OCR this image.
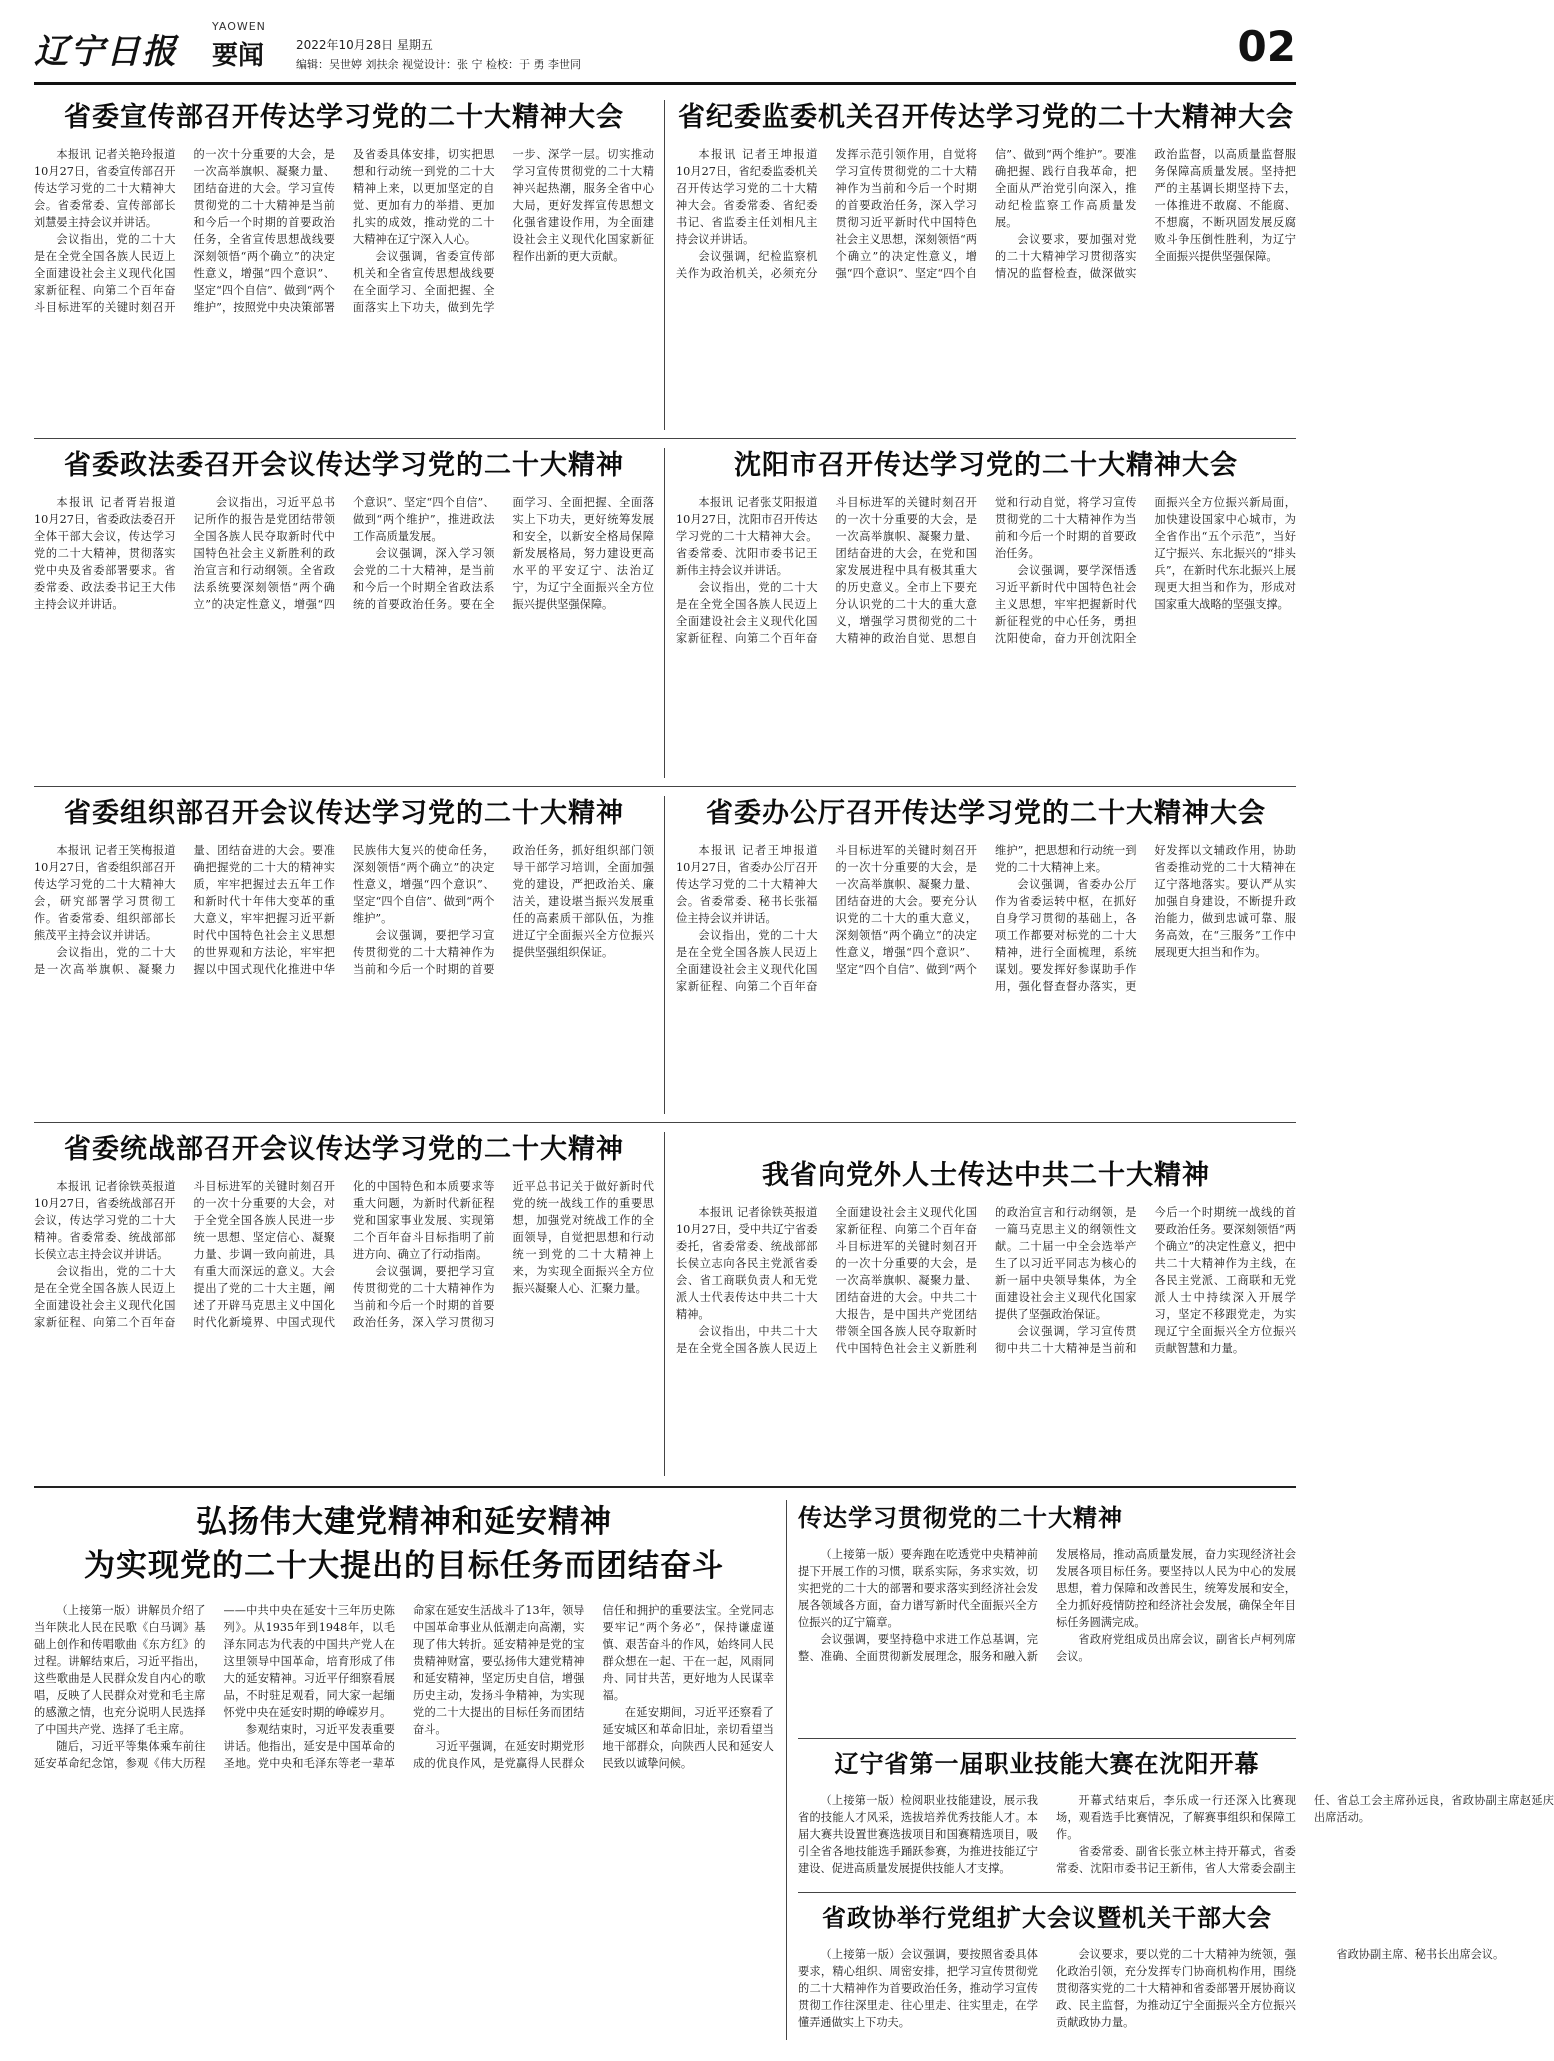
辽宁日报
YAOWEN
要闻	2022年10月28日 星期五
编辑：吴世婷 刘扶余 视觉设计：张 宁 检校：于 勇 李世同	02
省委宣传部召开传达学习党的二十大精神大会

本报讯 记者关艳玲报道 10月27日，省委宣传部召开传达学习党的二十大精神大会。省委常委、宣传部部长刘慧晏主持会议并讲话。

会议指出，党的二十大是在全党全国各族人民迈上全面建设社会主义现代化国家新征程、向第二个百年奋斗目标进军的关键时刻召开的一次十分重要的大会，是一次高举旗帜、凝聚力量、团结奋进的大会。学习宣传贯彻党的二十大精神是当前和今后一个时期的首要政治任务，全省宣传思想战线要深刻领悟“两个确立”的决定性意义，增强“四个意识”、坚定“四个自信”、做到“两个维护”，按照党中央决策部署及省委具体安排，切实把思想和行动统一到党的二十大精神上来，以更加坚定的自觉、更加有力的举措、更加扎实的成效，推动党的二十大精神在辽宁深入人心。

会议强调，省委宣传部机关和全省宣传思想战线要在全面学习、全面把握、全面落实上下功夫，做到先学一步、深学一层。切实推动学习宣传贯彻党的二十大精神兴起热潮，服务全省中心大局，更好发挥宣传思想文化强省建设作用，为全面建设社会主义现代化国家新征程作出新的更大贡献。

省纪委监委机关召开传达学习党的二十大精神大会

本报讯 记者王坤报道 10月27日，省纪委监委机关召开传达学习党的二十大精神大会。省委常委、省纪委书记、省监委主任刘相凡主持会议并讲话。

会议强调，纪检监察机关作为政治机关，必须充分发挥示范引领作用，自觉将学习宣传贯彻党的二十大精神作为当前和今后一个时期的首要政治任务，深入学习贯彻习近平新时代中国特色社会主义思想，深刻领悟“两个确立”的决定性意义，增强“四个意识”、坚定“四个自信”、做到“两个维护”。要准确把握、践行自我革命，把全面从严治党引向深入，推动纪检监察工作高质量发展。

会议要求，要加强对党的二十大精神学习贯彻落实情况的监督检查，做深做实政治监督，以高质量监督服务保障高质量发展。坚持把严的主基调长期坚持下去，一体推进不敢腐、不能腐、不想腐，不断巩固发展反腐败斗争压倒性胜利，为辽宁全面振兴提供坚强保障。

省委政法委召开会议传达学习党的二十大精神

本报讯 记者胥岩报道 10月27日，省委政法委召开全体干部大会议，传达学习党的二十大精神，贯彻落实党中央及省委部署要求。省委常委、政法委书记王大伟主持会议并讲话。

会议指出，习近平总书记所作的报告是党团结带领全国各族人民夺取新时代中国特色社会主义新胜利的政治宣言和行动纲领。全省政法系统要深刻领悟“两个确立”的决定性意义，增强“四个意识”、坚定“四个自信”、做到“两个维护”，推进政法工作高质量发展。

会议强调，深入学习领会党的二十大精神，是当前和今后一个时期全省政法系统的首要政治任务。要在全面学习、全面把握、全面落实上下功夫，更好统筹发展和安全，以新安全格局保障新发展格局，努力建设更高水平的平安辽宁、法治辽宁，为辽宁全面振兴全方位振兴提供坚强保障。

沈阳市召开传达学习党的二十大精神大会

本报讯 记者张艾阳报道 10月27日，沈阳市召开传达学习党的二十大精神大会。省委常委、沈阳市委书记王新伟主持会议并讲话。

会议指出，党的二十大是在全党全国各族人民迈上全面建设社会主义现代化国家新征程、向第二个百年奋斗目标进军的关键时刻召开的一次十分重要的大会，是一次高举旗帜、凝聚力量、团结奋进的大会，在党和国家发展进程中具有极其重大的历史意义。全市上下要充分认识党的二十大的重大意义，增强学习贯彻党的二十大精神的政治自觉、思想自觉和行动自觉，将学习宣传贯彻党的二十大精神作为当前和今后一个时期的首要政治任务。

会议强调，要学深悟透习近平新时代中国特色社会主义思想，牢牢把握新时代新征程党的中心任务，勇担沈阳使命，奋力开创沈阳全面振兴全方位振兴新局面，加快建设国家中心城市，为全省作出“五个示范”，当好辽宁振兴、东北振兴的“排头兵”，在新时代东北振兴上展现更大担当和作为，形成对国家重大战略的坚强支撑。

省委组织部召开会议传达学习党的二十大精神

本报讯 记者王笑梅报道 10月27日，省委组织部召开传达学习党的二十大精神大会，研究部署学习贯彻工作。省委常委、组织部部长熊茂平主持会议并讲话。

会议指出，党的二十大是一次高举旗帜、凝聚力量、团结奋进的大会。要准确把握党的二十大的精神实质，牢牢把握过去五年工作和新时代十年伟大变革的重大意义，牢牢把握习近平新时代中国特色社会主义思想的世界观和方法论，牢牢把握以中国式现代化推进中华民族伟大复兴的使命任务，深刻领悟“两个确立”的决定性意义，增强“四个意识”、坚定“四个自信”、做到“两个维护”。

会议强调，要把学习宣传贯彻党的二十大精神作为当前和今后一个时期的首要政治任务，抓好组织部门领导干部学习培训，全面加强党的建设，严把政治关、廉洁关，建设堪当振兴发展重任的高素质干部队伍，为推进辽宁全面振兴全方位振兴提供坚强组织保证。

省委办公厅召开传达学习党的二十大精神大会

本报讯 记者王坤报道 10月27日，省委办公厅召开传达学习党的二十大精神大会。省委常委、秘书长张福俭主持会议并讲话。

会议指出，党的二十大是在全党全国各族人民迈上全面建设社会主义现代化国家新征程、向第二个百年奋斗目标进军的关键时刻召开的一次十分重要的大会，是一次高举旗帜、凝聚力量、团结奋进的大会。要充分认识党的二十大的重大意义，深刻领悟“两个确立”的决定性意义，增强“四个意识”、坚定“四个自信”、做到“两个维护”，把思想和行动统一到党的二十大精神上来。

会议强调，省委办公厅作为省委运转中枢，在抓好自身学习贯彻的基础上，各项工作都要对标党的二十大精神，进行全面梳理，系统谋划。要发挥好参谋助手作用，强化督查督办落实，更好发挥以文辅政作用，协助省委推动党的二十大精神在辽宁落地落实。要认严从实加强自身建设，不断提升政治能力，做到忠诚可靠、服务高效，在“三服务”工作中展现更大担当和作为。

省委统战部召开会议传达学习党的二十大精神

本报讯 记者徐铁英报道 10月27日，省委统战部召开会议，传达学习党的二十大精神。省委常委、统战部部长侯立志主持会议并讲话。

会议指出，党的二十大是在全党全国各族人民迈上全面建设社会主义现代化国家新征程、向第二个百年奋斗目标进军的关键时刻召开的一次十分重要的大会，对于全党全国各族人民进一步统一思想、坚定信心、凝聚力量、步调一致向前进，具有重大而深远的意义。大会提出了党的二十大主题，阐述了开辟马克思主义中国化时代化新境界、中国式现代化的中国特色和本质要求等重大问题，为新时代新征程党和国家事业发展、实现第二个百年奋斗目标指明了前进方向、确立了行动指南。

会议强调，要把学习宣传贯彻党的二十大精神作为当前和今后一个时期的首要政治任务，深入学习贯彻习近平总书记关于做好新时代党的统一战线工作的重要思想，加强党对统战工作的全面领导，自觉把思想和行动统一到党的二十大精神上来，为实现全面振兴全方位振兴凝聚人心、汇聚力量。

我省向党外人士传达中共二十大精神

本报讯 记者徐铁英报道 10月27日，受中共辽宁省委委托，省委常委、统战部部长侯立志向各民主党派省委会、省工商联负责人和无党派人士代表传达中共二十大精神。

会议指出，中共二十大是在全党全国各族人民迈上全面建设社会主义现代化国家新征程、向第二个百年奋斗目标进军的关键时刻召开的一次十分重要的大会，是一次高举旗帜、凝聚力量、团结奋进的大会。中共二十大报告，是中国共产党团结带领全国各族人民夺取新时代中国特色社会主义新胜利的政治宣言和行动纲领，是一篇马克思主义的纲领性文献。二十届一中全会选举产生了以习近平同志为核心的新一届中央领导集体，为全面建设社会主义现代化国家提供了坚强政治保证。

会议强调，学习宣传贯彻中共二十大精神是当前和今后一个时期统一战线的首要政治任务。要深刻领悟“两个确立”的决定性意义，把中共二十大精神作为主线，在各民主党派、工商联和无党派人士中持续深入开展学习，坚定不移跟党走，为实现辽宁全面振兴全方位振兴贡献智慧和力量。

弘扬伟大建党精神和延安精神
为实现党的二十大提出的目标任务而团结奋斗

（上接第一版）讲解员介绍了当年陕北人民在民歌《白马调》基础上创作和传唱歌曲《东方红》的过程。讲解结束后，习近平指出，这些歌曲是人民群众发自内心的歌唱，反映了人民群众对党和毛主席的感激之情，也充分说明人民选择了中国共产党、选择了毛主席。

随后，习近平等集体乘车前往延安革命纪念馆，参观《伟大历程——中共中央在延安十三年历史陈列》。从1935年到1948年，以毛泽东同志为代表的中国共产党人在这里领导中国革命，培育形成了伟大的延安精神。习近平仔细察看展品，不时驻足观看，同大家一起缅怀党中央在延安时期的峥嵘岁月。

参观结束时，习近平发表重要讲话。他指出，延安是中国革命的圣地。党中央和毛泽东等老一辈革命家在延安生活战斗了13年，领导中国革命事业从低潮走向高潮，实现了伟大转折。延安精神是党的宝贵精神财富，要弘扬伟大建党精神和延安精神，坚定历史自信，增强历史主动，发扬斗争精神，为实现党的二十大提出的目标任务而团结奋斗。

习近平强调，在延安时期党形成的优良作风，是党赢得人民群众信任和拥护的重要法宝。全党同志要牢记“两个务必”，保持谦虚谨慎、艰苦奋斗的作风，始终同人民群众想在一起、干在一起，风雨同舟、同甘共苦，更好地为人民谋幸福。

在延安期间，习近平还察看了延安城区和革命旧址，亲切看望当地干部群众，向陕西人民和延安人民致以诚挚问候。

传达学习贯彻党的二十大精神

（上接第一版）要奔跑在吃透党中央精神前提下开展工作的习惯，联系实际，务求实效，切实把党的二十大的部署和要求落实到经济社会发展各领域各方面，奋力谱写新时代全面振兴全方位振兴的辽宁篇章。

会议强调，要坚持稳中求进工作总基调，完整、准确、全面贯彻新发展理念，服务和融入新发展格局，推动高质量发展，奋力实现经济社会发展各项目标任务。要坚持以人民为中心的发展思想，着力保障和改善民生，统筹发展和安全，全力抓好疫情防控和经济社会发展，确保全年目标任务圆满完成。

省政府党组成员出席会议，副省长卢柯列席会议。

辽宁省第一届职业技能大赛在沈阳开幕

（上接第一版）检阅职业技能建设，展示我省的技能人才风采，选拔培养优秀技能人才。本届大赛共设置世赛选拔项目和国赛精选项目，吸引全省各地技能选手踊跃参赛，为推进技能辽宁建设、促进高质量发展提供技能人才支撑。

开幕式结束后，李乐成一行还深入比赛现场，观看选手比赛情况，了解赛事组织和保障工作。

省委常委、副省长张立林主持开幕式，省委常委、沈阳市委书记王新伟，省人大常委会副主任、省总工会主席孙远良，省政协副主席赵延庆出席活动。

省政协举行党组扩大会议暨机关干部大会

（上接第一版）会议强调，要按照省委具体要求，精心组织、周密安排，把学习宣传贯彻党的二十大精神作为首要政治任务，推动学习宣传贯彻工作往深里走、往心里走、往实里走，在学懂弄通做实上下功夫。

会议要求，要以党的二十大精神为统领，强化政治引领，充分发挥专门协商机构作用，围绕贯彻落实党的二十大精神和省委部署开展协商议政、民主监督，为推动辽宁全面振兴全方位振兴贡献政协力量。

省政协副主席、秘书长出席会议。
